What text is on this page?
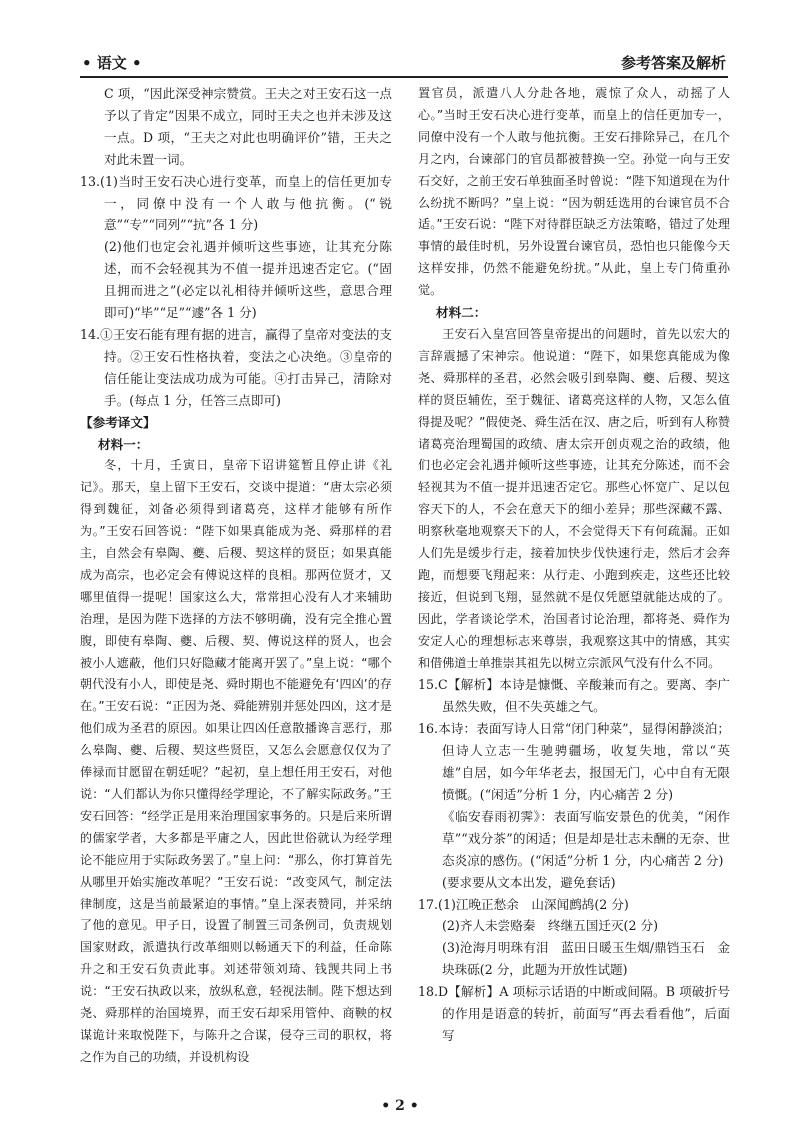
• 语文 •	参考答案及解析

C 项，“因此深受神宗赞赏。王夫之对王安石这一点予以了肯定”因果不成立，同时王夫之也并未涉及这一点。D 项，“王夫之对此也明确评价”错，王夫之对此未置一词。

13.(1)当时王安石决心进行变革，而皇上的信任更加专一，同僚中没有一个人敢与他抗衡。(“锐意”“专”“同列”“抗”各 1 分)

(2)他们也定会礼遇并倾听这些事迹，让其充分陈述，而不会轻视其为不值一提并迅速否定它。(“固且拥而进之”(必定以礼相待并倾听这些，意思合理即可)“毕”“足”“遽”各 1 分)

14.①王安石能有理有据的进言，赢得了皇帝对变法的支持。②王安石性格执着，变法之心决绝。③皇帝的信任能让变法成功成为可能。④打击异己，清除对手。(每点 1 分，任答三点即可)

【参考译文】

材料一：

冬，十月，壬寅日，皇帝下诏讲筵暂且停止讲《礼记》。那天，皇上留下王安石，交谈中提道：“唐太宗必须得到魏征，刘备必须得到诸葛亮，这样才能够有所作为。”王安石回答说：“陛下如果真能成为尧、舜那样的君主，自然会有皋陶、夔、后稷、契这样的贤臣；如果真能成为高宗，也必定会有傅说这样的良相。那两位贤才，又哪里值得一提呢！国家这么大，常常担心没有人才来辅助治理，是因为陛下选择的方法不够明确，没有完全推心置腹，即使有皋陶、夔、后稷、契、傅说这样的贤人，也会被小人遮蔽，他们只好隐藏才能离开罢了。”皇上说：“哪个朝代没有小人，即使是尧、舜时期也不能避免有‘四凶’的存在。”王安石说：“正因为尧、舜能辨别并惩处四凶，这才是他们成为圣君的原因。如果让四凶任意散播谗言恶行，那么皋陶、夔、后稷、契这些贤臣，又怎么会愿意仅仅为了俸禄而甘愿留在朝廷呢？”起初，皇上想任用王安石，对他说：“人们都认为你只懂得经学理论，不了解实际政务。”王安石回答：“经学正是用来治理国家事务的。只是后来所谓的儒家学者，大多都是平庸之人，因此世俗就认为经学理论不能应用于实际政务罢了。”皇上问：“那么，你打算首先从哪里开始实施改革呢？”王安石说：“改变风气，制定法律制度，这是当前最紧迫的事情。”皇上深表赞同，并采纳了他的意见。甲子日，设置了制置三司条例司，负责规划国家财政，派遣执行改革细则以畅通天下的利益，任命陈升之和王安石负责此事。刘述带领刘琦、钱觊共同上书说：“王安石执政以来，放纵私意，轻视法制。陛下想达到尧、舜那样的治国境界，而王安石却采用管仲、商鞅的权谋诡计来取悦陛下，与陈升之合谋，侵夺三司的职权，将之作为自己的功绩，并设机构设

置官员，派遣八人分赴各地，震惊了众人，动摇了人心。”当时王安石决心进行变革，而皇上的信任更加专一，同僚中没有一个人敢与他抗衡。王安石排除异己，在几个月之内，台谏部门的官员都被替换一空。孙觉一向与王安石交好，之前王安石单独面圣时曾说：“陛下知道现在为什么纷扰不断吗？”皇上说：“因为朝廷选用的台谏官员不合适。”王安石说：“陛下对待群臣缺乏方法策略，错过了处理事情的最佳时机，另外设置台谏官员，恐怕也只能像今天这样安排，仍然不能避免纷扰。”从此，皇上专门倚重孙觉。

材料二：

王安石入皇宫回答皇帝提出的问题时，首先以宏大的言辞震撼了宋神宗。他说道：“陛下，如果您真能成为像尧、舜那样的圣君，必然会吸引到皋陶、夔、后稷、契这样的贤臣辅佐，至于魏征、诸葛亮这样的人物，又怎么值得提及呢？”假使尧、舜生活在汉、唐之后，听到有人称赞诸葛亮治理蜀国的政绩、唐太宗开创贞观之治的政绩，他们也必定会礼遇并倾听这些事迹，让其充分陈述，而不会轻视其为不值一提并迅速否定它。那些心怀宽广、足以包容天下的人，不会在意天下的细小差异；那些深藏不露、明察秋毫地观察天下的人，不会觉得天下有何疏漏。正如人们先是缓步行走，接着加快步伐快速行走，然后才会奔跑，而想要飞翔起来：从行走、小跑到疾走，这些还比较接近，但说到飞翔，显然就不是仅凭愿望就能达成的了。因此，学者谈论学术，治国者讨论治理，都将尧、舜作为安定人心的理想标志来尊崇，我观察这其中的情感，其实和借佛道士单推崇其祖先以树立宗派风气没有什么不同。

15.C【解析】本诗是慷慨、辛酸兼而有之。要离、李广虽然失败，但不失英雄之气。

16.本诗：表面写诗人日常“闭门种菜”，显得闲静淡泊；但诗人立志一生驰骋疆场，收复失地，常以“英雄”自居，如今年华老去，报国无门，心中自有无限愤慨。(“闲适”分析 1 分，内心痛苦 2 分)

《临安春雨初霁》：表面写临安景色的优美，“闲作草”“戏分茶”的闲适；但是却是壮志未酬的无奈、世态炎凉的感伤。(“闲适”分析 1 分，内心痛苦 2 分)

(要求要从文本出发，避免套话)

17.(1)江晚正愁余　山深闻鹧鸪(2 分)

(2)齐人未尝赂秦　终继五国迁灭(2 分)

(3)沧海月明珠有泪　蓝田日暖玉生烟/鼎铛玉石　金块珠砾(2 分，此题为开放性试题)

18.D【解析】A 项标示话语的中断或间隔。B 项破折号的作用是语意的转折，前面写“再去看看他”，后面写

• 2 •
